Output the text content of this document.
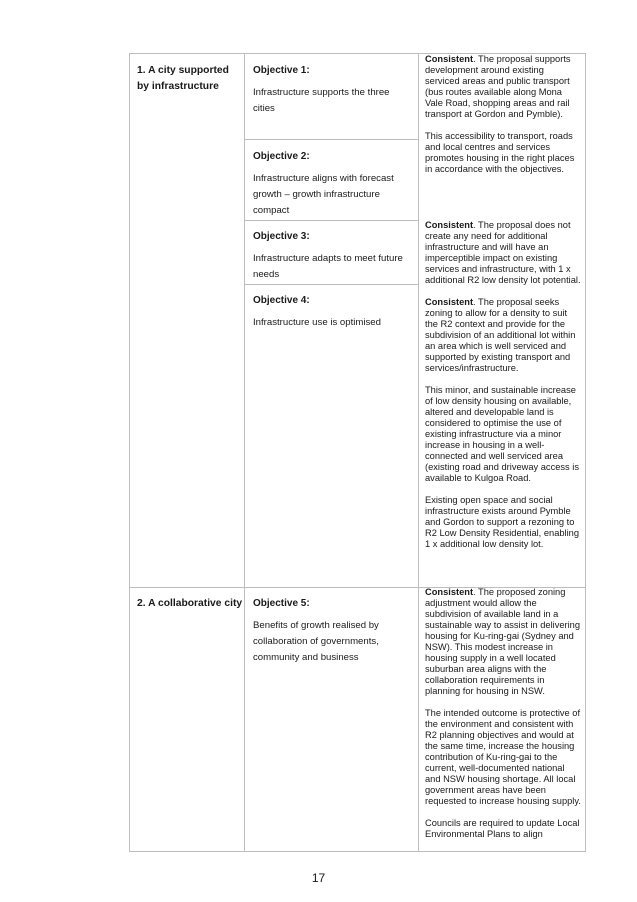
1. A city supported by infrastructure
Objective 1:
Infrastructure supports the three cities
Objective 2:
Infrastructure aligns with forecast growth – growth infrastructure compact
Objective 3:
Infrastructure adapts to meet future needs
Objective 4:
Infrastructure use is optimised

Consistent. The proposal supports development around existing serviced areas and public transport (bus routes available along Mona Vale Road, shopping areas and rail transport at Gordon and Pymble).

This accessibility to transport, roads and local centres and services promotes housing in the right places in accordance with the objectives.

Consistent. The proposal does not create any need for additional infrastructure and will have an imperceptible impact on existing services and infrastructure, with 1 x additional R2 low density lot potential.

Consistent. The proposal seeks zoning to allow for a density to suit the R2 context and provide for the subdivision of an additional lot within an area which is well serviced and supported by existing transport and services/infrastructure.

This minor, and sustainable increase of low density housing on available, altered and developable land is considered to optimise the use of existing infrastructure via a minor increase in housing in a well-connected and well serviced area (existing road and driveway access is available to Kulgoa Road.

Existing open space and social infrastructure exists around Pymble and Gordon to support a rezoning to R2 Low Density Residential, enabling 1 x additional low density lot.

2. A collaborative city Objective 5:
Benefits of growth realised by collaboration of governments, community and business

Consistent. The proposed zoning adjustment would allow the subdivision of available land in a sustainable way to assist in delivering housing for Ku-ring-gai (Sydney and NSW). This modest increase in housing supply in a well located suburban area aligns with the collaboration requirements in planning for housing in NSW.

The intended outcome is protective of the environment and consistent with R2 planning objectives and would at the same time, increase the housing contribution of Ku-ring-gai to the current, well-documented national and NSW housing shortage. All local government areas have been requested to increase housing supply.

Councils are required to update Local Environmental Plans to align

17
